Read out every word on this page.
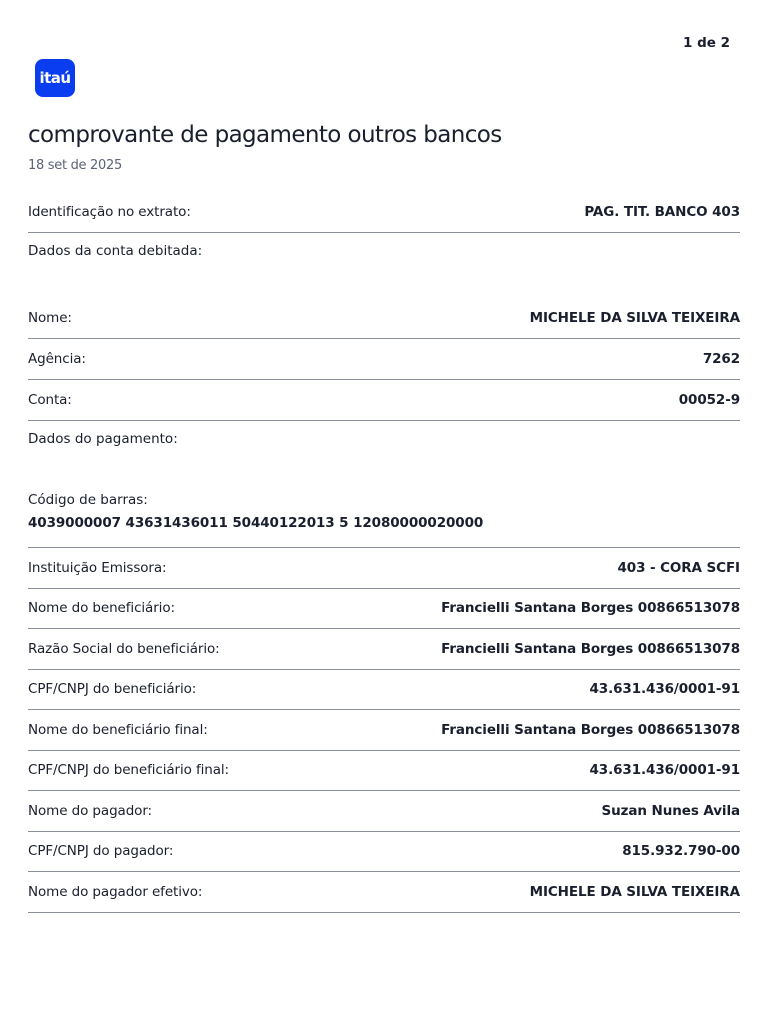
1 de 2
itaú
comprovante de pagamento outros bancos
18 set de 2025
Identificação no extrato:	PAG. TIT. BANCO 403
Dados da conta debitada:
Nome:	MICHELE DA SILVA TEIXEIRA
Agência:	7262
Conta:	00052-9
Dados do pagamento:
Código de barras:
4039000007 43631436011 50440122013 5 12080000020000
Instituição Emissora:	403 - CORA SCFI
Nome do beneficiário:	Francielli Santana Borges 00866513078
Razão Social do beneficiário:	Francielli Santana Borges 00866513078
CPF/CNPJ do beneficiário:	43.631.436/0001-91
Nome do beneficiário final:	Francielli Santana Borges 00866513078
CPF/CNPJ do beneficiário final:	43.631.436/0001-91
Nome do pagador:	Suzan Nunes Avila
CPF/CNPJ do pagador:	815.932.790-00
Nome do pagador efetivo:	MICHELE DA SILVA TEIXEIRA
